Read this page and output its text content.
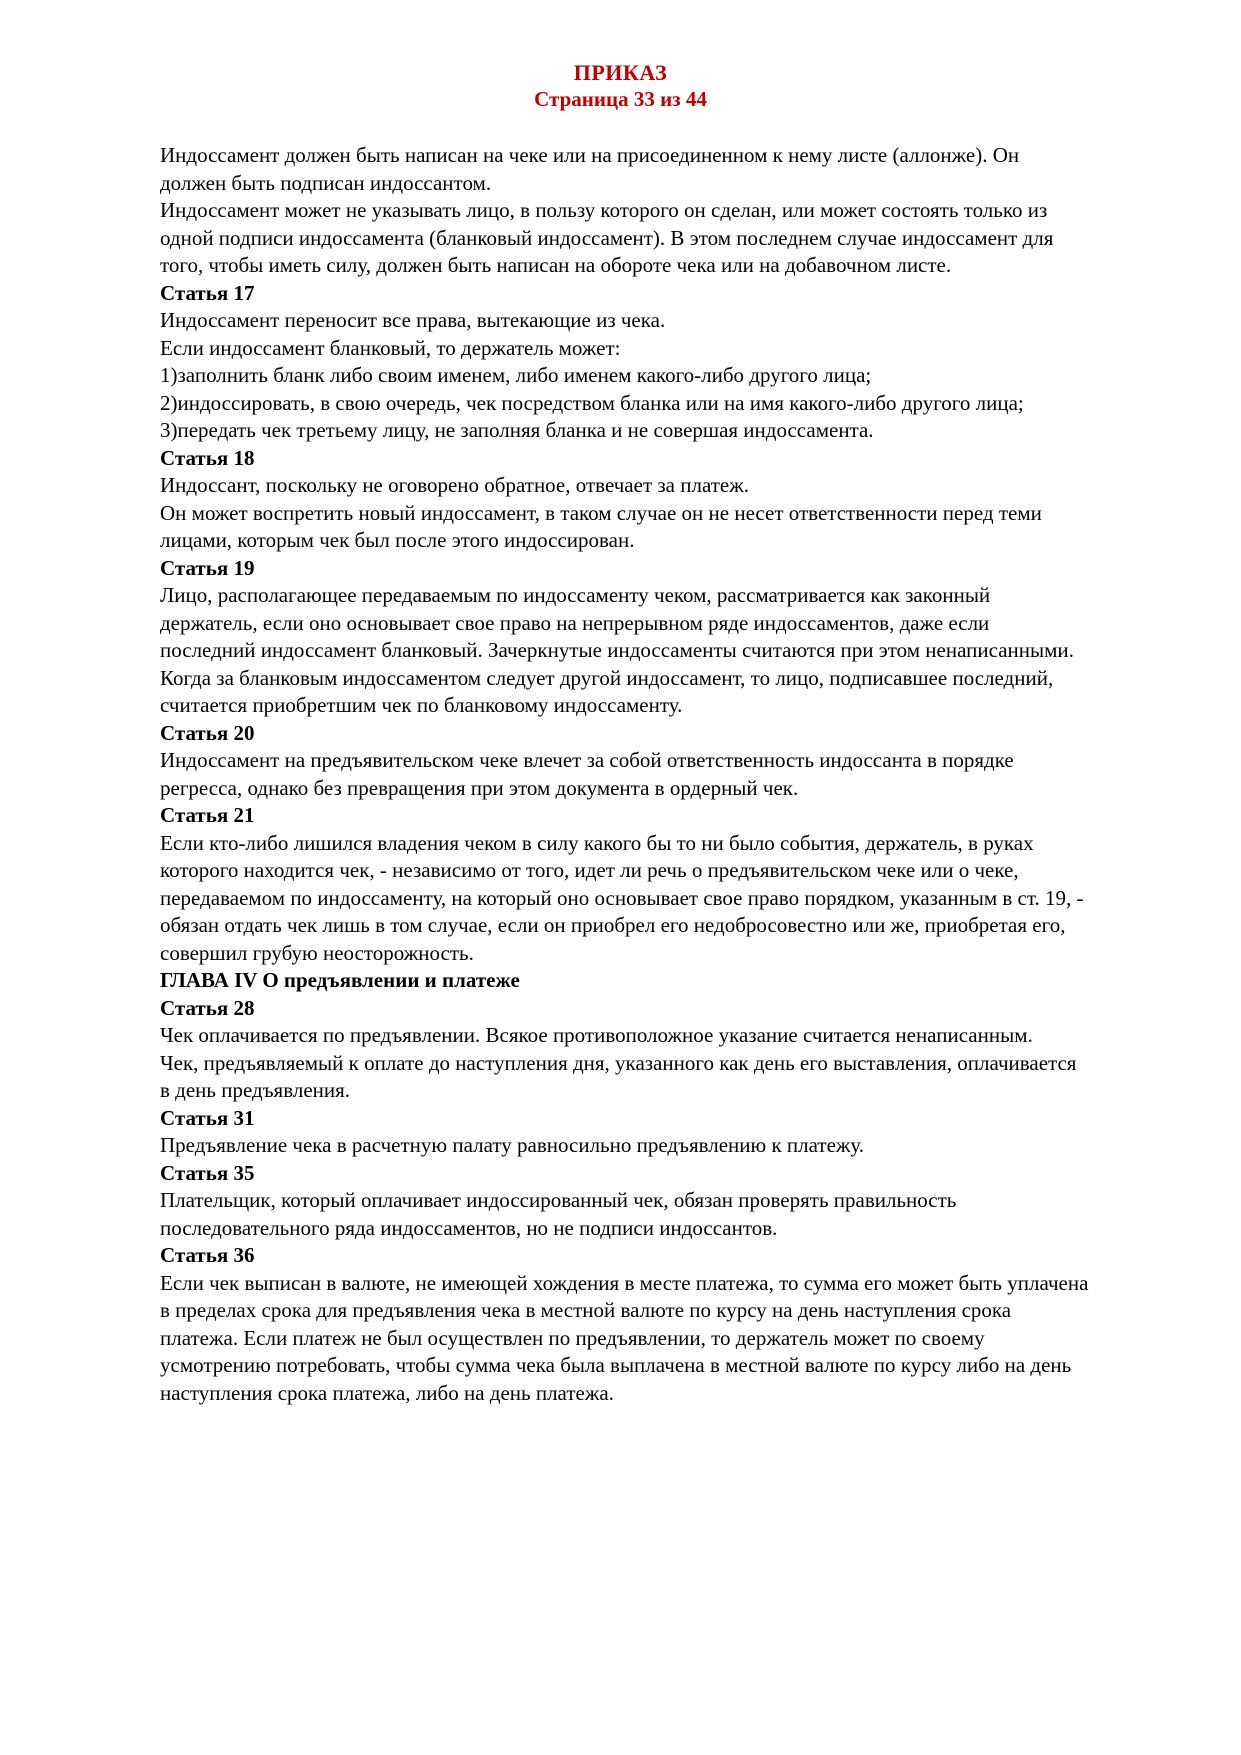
ПРИКАЗ
Страница 33 из 44

Индоссамент должен быть написан на чеке или на присоединенном к нему листе (аллонже). Он должен быть подписан индоссантом.

Индоссамент может не указывать лицо, в пользу которого он сделан, или может состоять только из одной подписи индоссамента (бланковый индоссамент). В этом последнем случае индоссамент для того, чтобы иметь силу, должен быть написан на обороте чека или на добавочном листе.

Статья 17

Индоссамент переносит все права, вытекающие из чека.

Если индоссамент бланковый, то держатель может:

1)заполнить бланк либо своим именем, либо именем какого-либо другого лица;

2)индоссировать, в свою очередь, чек посредством бланка или на имя какого-либо другого лица;

3)передать чек третьему лицу, не заполняя бланка и не совершая индоссамента.

Статья 18

Индоссант, поскольку не оговорено обратное, отвечает за платеж.

Он может воспретить новый индоссамент, в таком случае он не несет ответственности перед теми лицами, которым чек был после этого индоссирован.

Статья 19

Лицо, располагающее передаваемым по индоссаменту чеком, рассматривается как законный держатель, если оно основывает свое право на непрерывном ряде индоссаментов, даже если последний индоссамент бланковый. Зачеркнутые индоссаменты считаются при этом ненаписанными. Когда за бланковым индоссаментом следует другой индоссамент, то лицо, подписавшее последний, считается приобретшим чек по бланковому индоссаменту.

Статья 20

Индоссамент на предъявительском чеке влечет за собой ответственность индоссанта в порядке регресса, однако без превращения при этом документа в ордерный чек.

Статья 21

Если кто-либо лишился владения чеком в силу какого бы то ни было события, держатель, в руках которого находится чек, - независимо от того, идет ли речь о предъявительском чеке или о чеке, передаваемом по индоссаменту, на который оно основывает свое право порядком, указанным в ст. 19, - обязан отдать чек лишь в том случае, если он приобрел его недобросовестно или же, приобретая его, совершил грубую неосторожность.

ГЛАВА IV О предъявлении и платеже

Статья 28

Чек оплачивается по предъявлении. Всякое противоположное указание считается ненаписанным.

Чек, предъявляемый к оплате до наступления дня, указанного как день его выставления, оплачивается в день предъявления.

Статья 31

Предъявление чека в расчетную палату равносильно предъявлению к платежу.

Статья 35

Плательщик, который оплачивает индоссированный чек, обязан проверять правильность последовательного ряда индоссаментов, но не подписи индоссантов.

Статья 36

Если чек выписан в валюте, не имеющей хождения в месте платежа, то сумма его может быть уплачена в пределах срока для предъявления чека в местной валюте по курсу на день наступления срока платежа. Если платеж не был осуществлен по предъявлении, то держатель может по своему усмотрению потребовать, чтобы сумма чека была выплачена в местной валюте по курсу либо на день наступления срока платежа, либо на день платежа.
